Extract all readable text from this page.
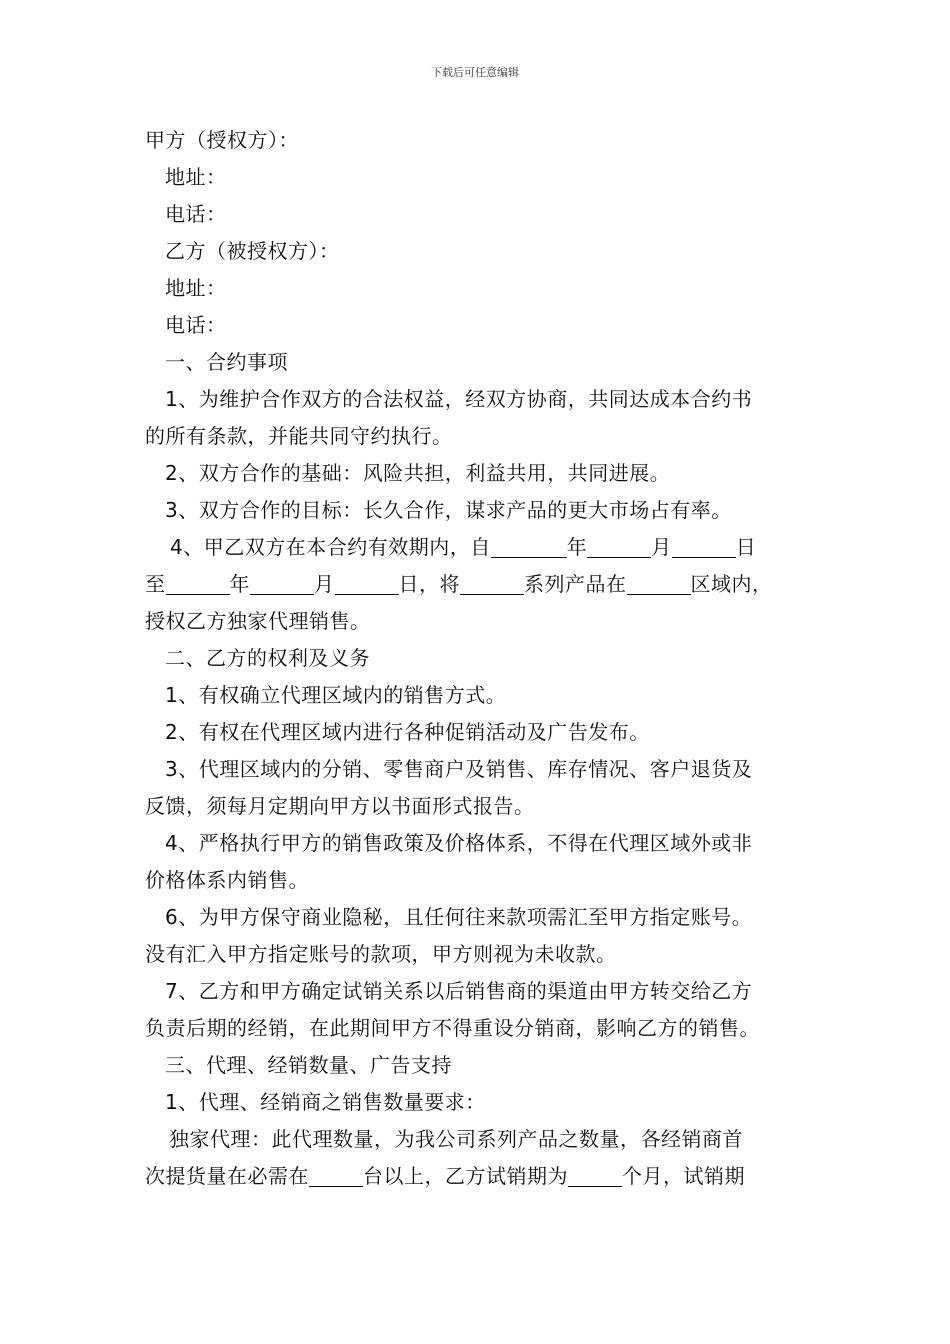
下载后可任意编辑
甲方（授权方）：
地址：
电话：
乙方（被授权方）：
地址：
电话：
一、合约事项
1、为维护合作双方的合法权益，经双方协商，共同达成本合约书
的所有条款，并能共同守约执行。
2、双方合作的基础：风险共担，利益共用，共同进展。
3、双方合作的目标：长久合作，谋求产品的更大市场占有率。
4、甲乙双方在本合约有效期内，自	年	月	日
至	年	月	日，将	系列产品在	区域内，
授权乙方独家代理销售。
二、乙方的权利及义务
1、有权确立代理区域内的销售方式。
2、有权在代理区域内进行各种促销活动及广告发布。
3、代理区域内的分销、零售商户及销售、库存情况、客户退货及
反馈，须每月定期向甲方以书面形式报告。
4、严格执行甲方的销售政策及价格体系，不得在代理区域外或非
价格体系内销售。
6、为甲方保守商业隐秘，且任何往来款项需汇至甲方指定账号。
没有汇入甲方指定账号的款项，甲方则视为未收款。
7、乙方和甲方确定试销关系以后销售商的渠道由甲方转交给乙方
负责后期的经销，在此期间甲方不得重设分销商，影响乙方的销售。
三、代理、经销数量、广告支持
1、代理、经销商之销售数量要求：
独家代理：此代理数量，为我公司系列产品之数量，各经销商首
次提货量在必需在	台以上，乙方试销期为	个月，试销期
